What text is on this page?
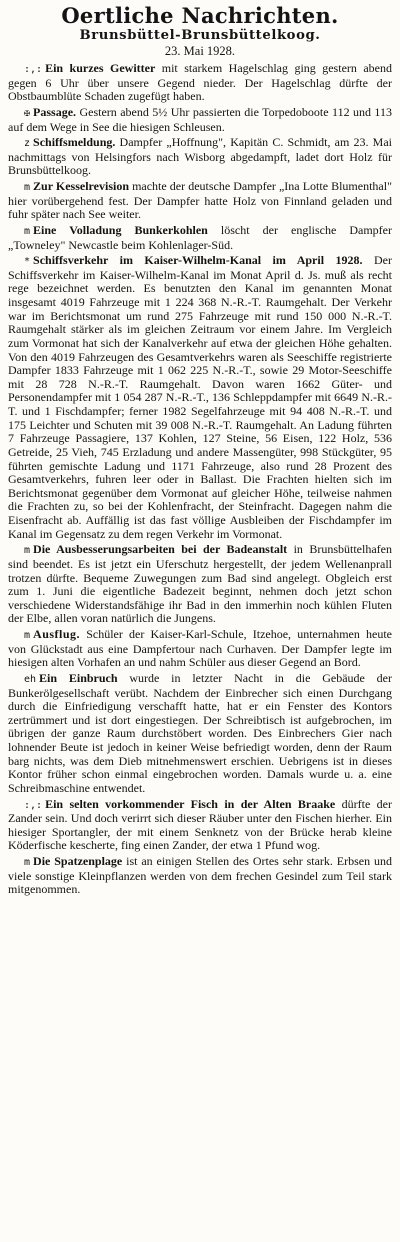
Oertliche Nachrichten.
Brunsbüttel-Brunsbüttelkoog.
23. Mai 1928.

:,: Ein kurzes Gewitter mit starkem Hagelschlag ging gestern abend gegen 6 Uhr über unsere Gegend nieder. Der Hagelschlag dürfte der Obstbaumblüte Schaden zugefügt haben.

✠ Passage. Gestern abend 5½ Uhr passierten die Torpedoboote 112 und 113 auf dem Wege in See die hiesigen Schleusen.

z Schiffsmeldung. Dampfer „Hoffnung", Kapitän C. Schmidt, am 23. Mai nachmittags von Helsingfors nach Wisborg abgedampft, ladet dort Holz für Brunsbüttelkoog.

m Zur Kesselrevision machte der deutsche Dampfer „Ina Lotte Blumenthal" hier vorübergehend fest. Der Dampfer hatte Holz von Finnland geladen und fuhr später nach See weiter.

m Eine Volladung Bunkerkohlen löscht der englische Dampfer „Towneley" Newcastle beim Kohlenlager-Süd.

* Schiffsverkehr im Kaiser-Wilhelm-Kanal im April 1928. Der Schiffsverkehr im Kaiser-Wilhelm-Kanal im Monat April d. Js. muß als recht rege bezeichnet werden. Es benutzten den Kanal im genannten Monat insgesamt 4019 Fahrzeuge mit 1 224 368 N.-R.-T. Raumgehalt. Der Verkehr war im Berichtsmonat um rund 275 Fahrzeuge mit rund 150 000 N.-R.-T. Raumgehalt stärker als im gleichen Zeitraum vor einem Jahre. Im Vergleich zum Vormonat hat sich der Kanalverkehr auf etwa der gleichen Höhe gehalten. Von den 4019 Fahrzeugen des Gesamtverkehrs waren als Seeschiffe registrierte Dampfer 1833 Fahrzeuge mit 1 062 225 N.-R.-T., sowie 29 Motor-Seeschiffe mit 28 728 N.-R.-T. Raumgehalt. Davon waren 1662 Güter- und Personendampfer mit 1 054 287 N.-R.-T., 136 Schleppdampfer mit 6649 N.-R.-T. und 1 Fischdampfer; ferner 1982 Segelfahrzeuge mit 94 408 N.-R.-T. und 175 Leichter und Schuten mit 39 008 N.-R.-T. Raumgehalt. An Ladung führten 7 Fahrzeuge Passagiere, 137 Kohlen, 127 Steine, 56 Eisen, 122 Holz, 536 Getreide, 25 Vieh, 745 Erzladung und andere Massengüter, 998 Stückgüter, 95 führten gemischte Ladung und 1171 Fahrzeuge, also rund 28 Prozent des Gesamtverkehrs, fuhren leer oder in Ballast. Die Frachten hielten sich im Berichtsmonat gegenüber dem Vormonat auf gleicher Höhe, teilweise nahmen die Frachten zu, so bei der Kohlenfracht, der Steinfracht. Dagegen nahm die Eisenfracht ab. Auffällig ist das fast völlige Ausbleiben der Fischdampfer im Kanal im Gegensatz zu dem regen Verkehr im Vormonat.

m Die Ausbesserungsarbeiten bei der Badeanstalt in Brunsbüttelhafen sind beendet. Es ist jetzt ein Uferschutz hergestellt, der jedem Wellenanprall trotzen dürfte. Bequeme Zuwegungen zum Bad sind angelegt. Obgleich erst zum 1. Juni die eigentliche Badezeit beginnt, nehmen doch jetzt schon verschiedene Widerstandsfähige ihr Bad in den immerhin noch kühlen Fluten der Elbe, allen voran natürlich die Jungens.

m Ausflug. Schüler der Kaiser-Karl-Schule, Itzehoe, unternahmen heute von Glückstadt aus eine Dampfertour nach Curhaven. Der Dampfer legte im hiesigen alten Vorhafen an und nahm Schüler aus dieser Gegend an Bord.

eh Ein Einbruch wurde in letzter Nacht in die Gebäude der Bunkerölgesellschaft verübt. Nachdem der Einbrecher sich einen Durchgang durch die Einfriedigung verschafft hatte, hat er ein Fenster des Kontors zertrümmert und ist dort eingestiegen. Der Schreibtisch ist aufgebrochen, im übrigen der ganze Raum durchstöbert worden. Des Einbrechers Gier nach lohnender Beute ist jedoch in keiner Weise befriedigt worden, denn der Raum barg nichts, was dem Dieb mitnehmenswert erschien. Uebrigens ist in dieses Kontor früher schon einmal eingebrochen worden. Damals wurde u. a. eine Schreibmaschine entwendet.

:,: Ein selten vorkommender Fisch in der Alten Braake dürfte der Zander sein. Und doch verirrt sich dieser Räuber unter den Fischen hierher. Ein hiesiger Sportangler, der mit einem Senknetz von der Brücke herab kleine Köderfische kescherte, fing einen Zander, der etwa 1 Pfund wog.

m Die Spatzenplage ist an einigen Stellen des Ortes sehr stark. Erbsen und viele sonstige Kleinpflanzen werden von dem frechen Gesindel zum Teil stark mitgenommen.
